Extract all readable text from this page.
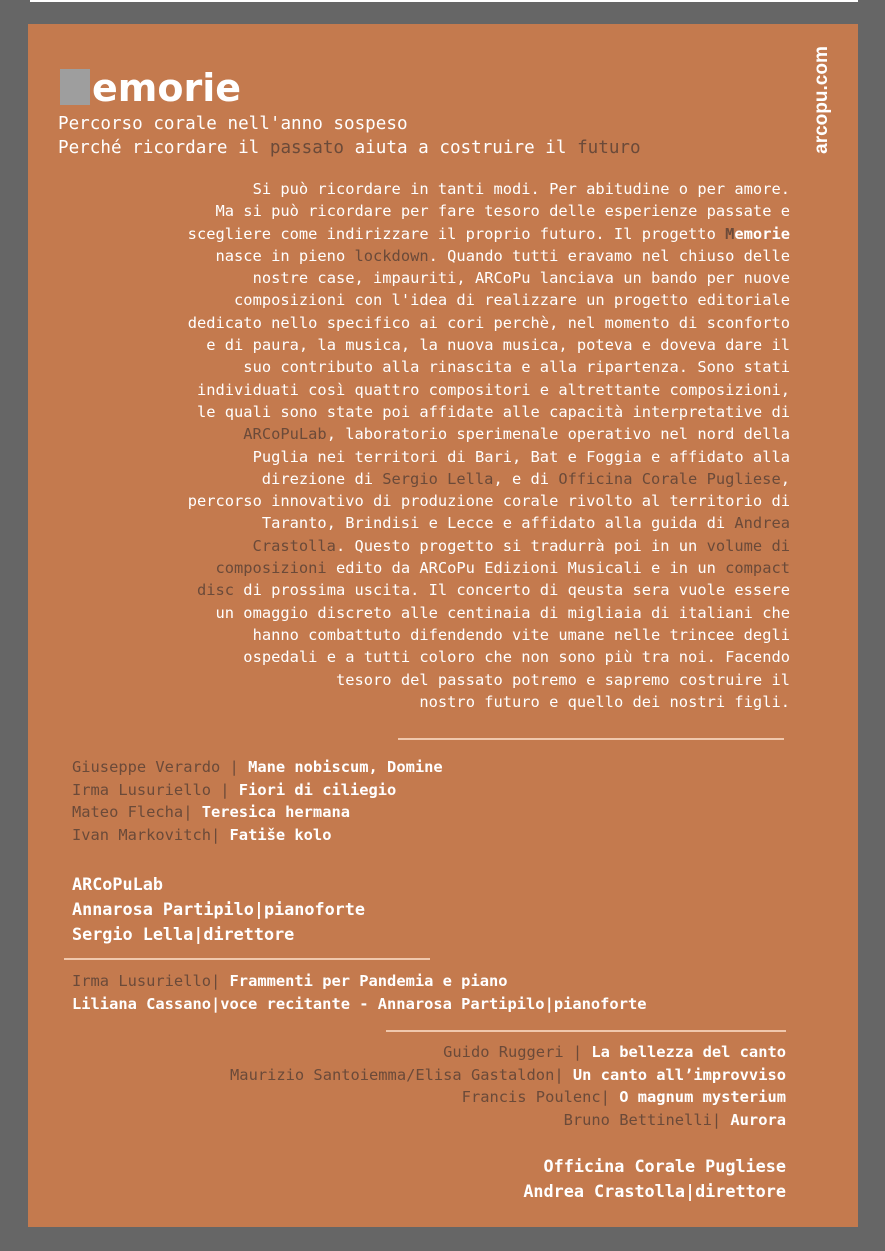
arcopu.com
emorie
Percorso corale nell'anno sospeso
Perché ricordare il passato aiuta a costruire il futuro
Si può ricordare in tanti modi. Per abitudine o per amore.
Ma si può ricordare per fare tesoro delle esperienze passate e
scegliere come indirizzare il proprio futuro. Il progetto Memorie
nasce in pieno lockdown. Quando tutti eravamo nel chiuso delle
nostre case, impauriti, ARCoPu lanciava un bando per nuove
composizioni con l'idea di realizzare un progetto editoriale
dedicato nello specifico ai cori perchè, nel momento di sconforto
e di paura, la musica, la nuova musica, poteva e doveva dare il
suo contributo alla rinascita e alla ripartenza. Sono stati
individuati così quattro compositori e altrettante composizioni,
le quali sono state poi affidate alle capacità interpretative di
ARCoPuLab, laboratorio sperimenale operativo nel nord della
Puglia nei territori di Bari, Bat e Foggia e affidato alla
direzione di Sergio Lella, e di Officina Corale Pugliese,
percorso innovativo di produzione corale rivolto al territorio di
Taranto, Brindisi e Lecce e affidato alla guida di Andrea
Crastolla. Questo progetto si tradurrà poi in un volume di
composizioni edito da ARCoPu Edizioni Musicali e in un compact
disc di prossima uscita. Il concerto di qeusta sera vuole essere
un omaggio discreto alle centinaia di migliaia di italiani che
hanno combattuto difendendo vite umane nelle trincee degli
ospedali e a tutti coloro che non sono più tra noi. Facendo
tesoro del passato potremo e sapremo costruire il
nostro futuro e quello dei nostri figli.
Giuseppe Verardo | Mane nobiscum, Domine
Irma Lusuriello | Fiori di ciliegio
Mateo Flecha| Teresica hermana
Ivan Markovitch| Fatiše kolo
ARCoPuLab
Annarosa Partipilo|pianoforte
Sergio Lella|direttore
Irma Lusuriello| Frammenti per Pandemia e piano
Liliana Cassano|voce recitante - Annarosa Partipilo|pianoforte
Guido Ruggeri | La bellezza del canto
Maurizio Santoiemma/Elisa Gastaldon| Un canto all’improvviso
Francis Poulenc| O magnum mysterium
Bruno Bettinelli| Aurora
Officina Corale Pugliese
Andrea Crastolla|direttore
